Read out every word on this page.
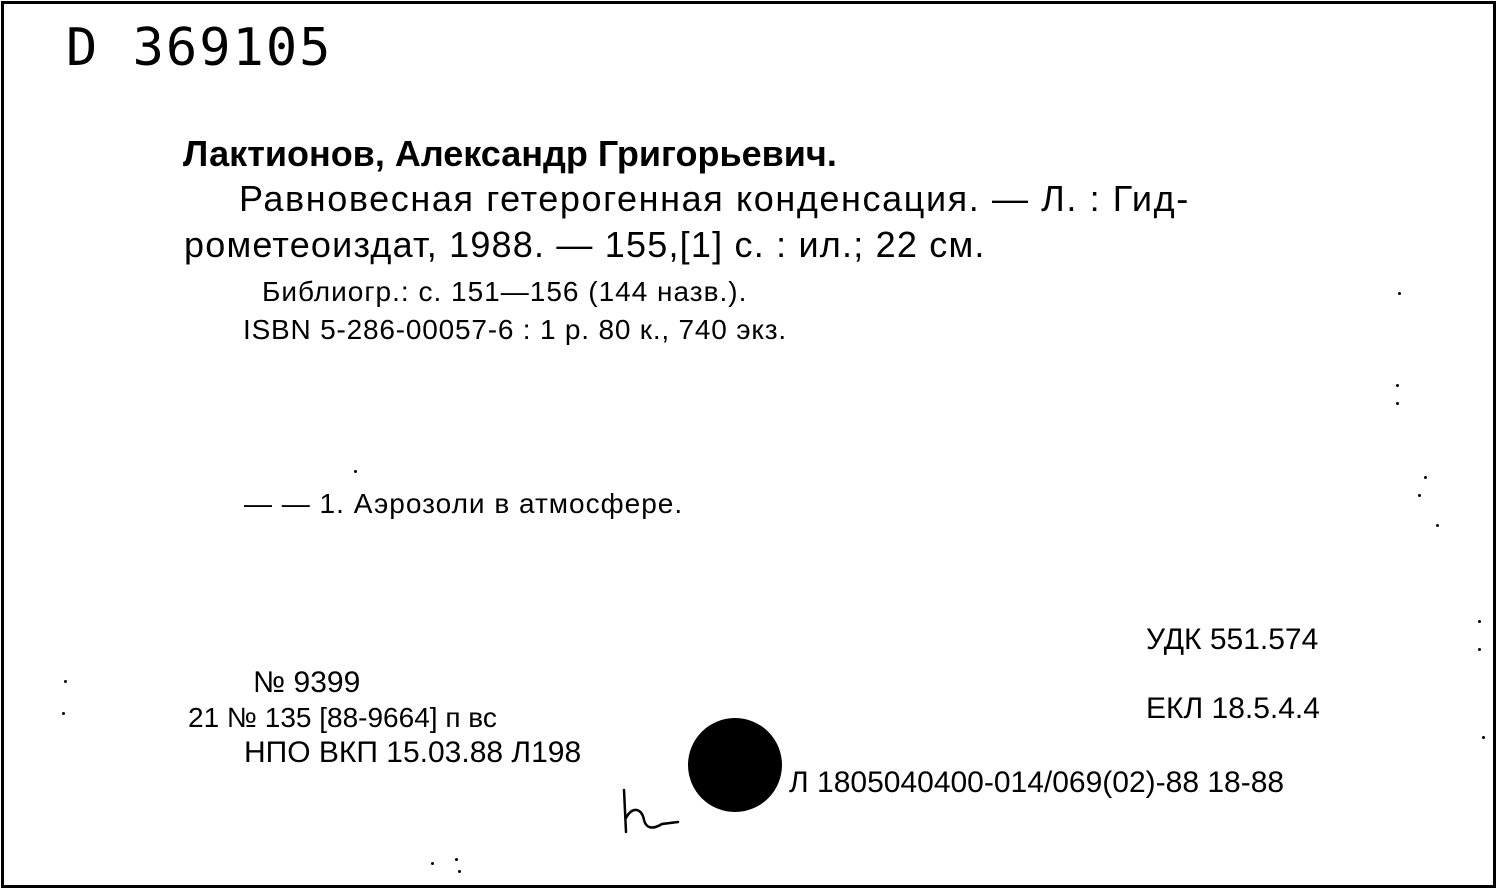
D 369105
Лактионов, Александр Григорьевич.
Равновесная гетерогенная конденсация. — Л. : Гид-
рометеоиздат, 1988. — 155,[1] с. : ил.; 22 см.
Библиогр.: с. 151—156 (144 назв.).
ISBN 5-286-00057-6 : 1 р. 80 к., 740 экз.
— — 1. Аэрозоли в атмосфере.
УДК 551.574
ЕКЛ 18.5.4.4
№ 9399
21 № 135 [88-9664] п вс
НПО ВКП 15.03.88 Л198
Л 1805040400-014/069(02)-88 18-88
